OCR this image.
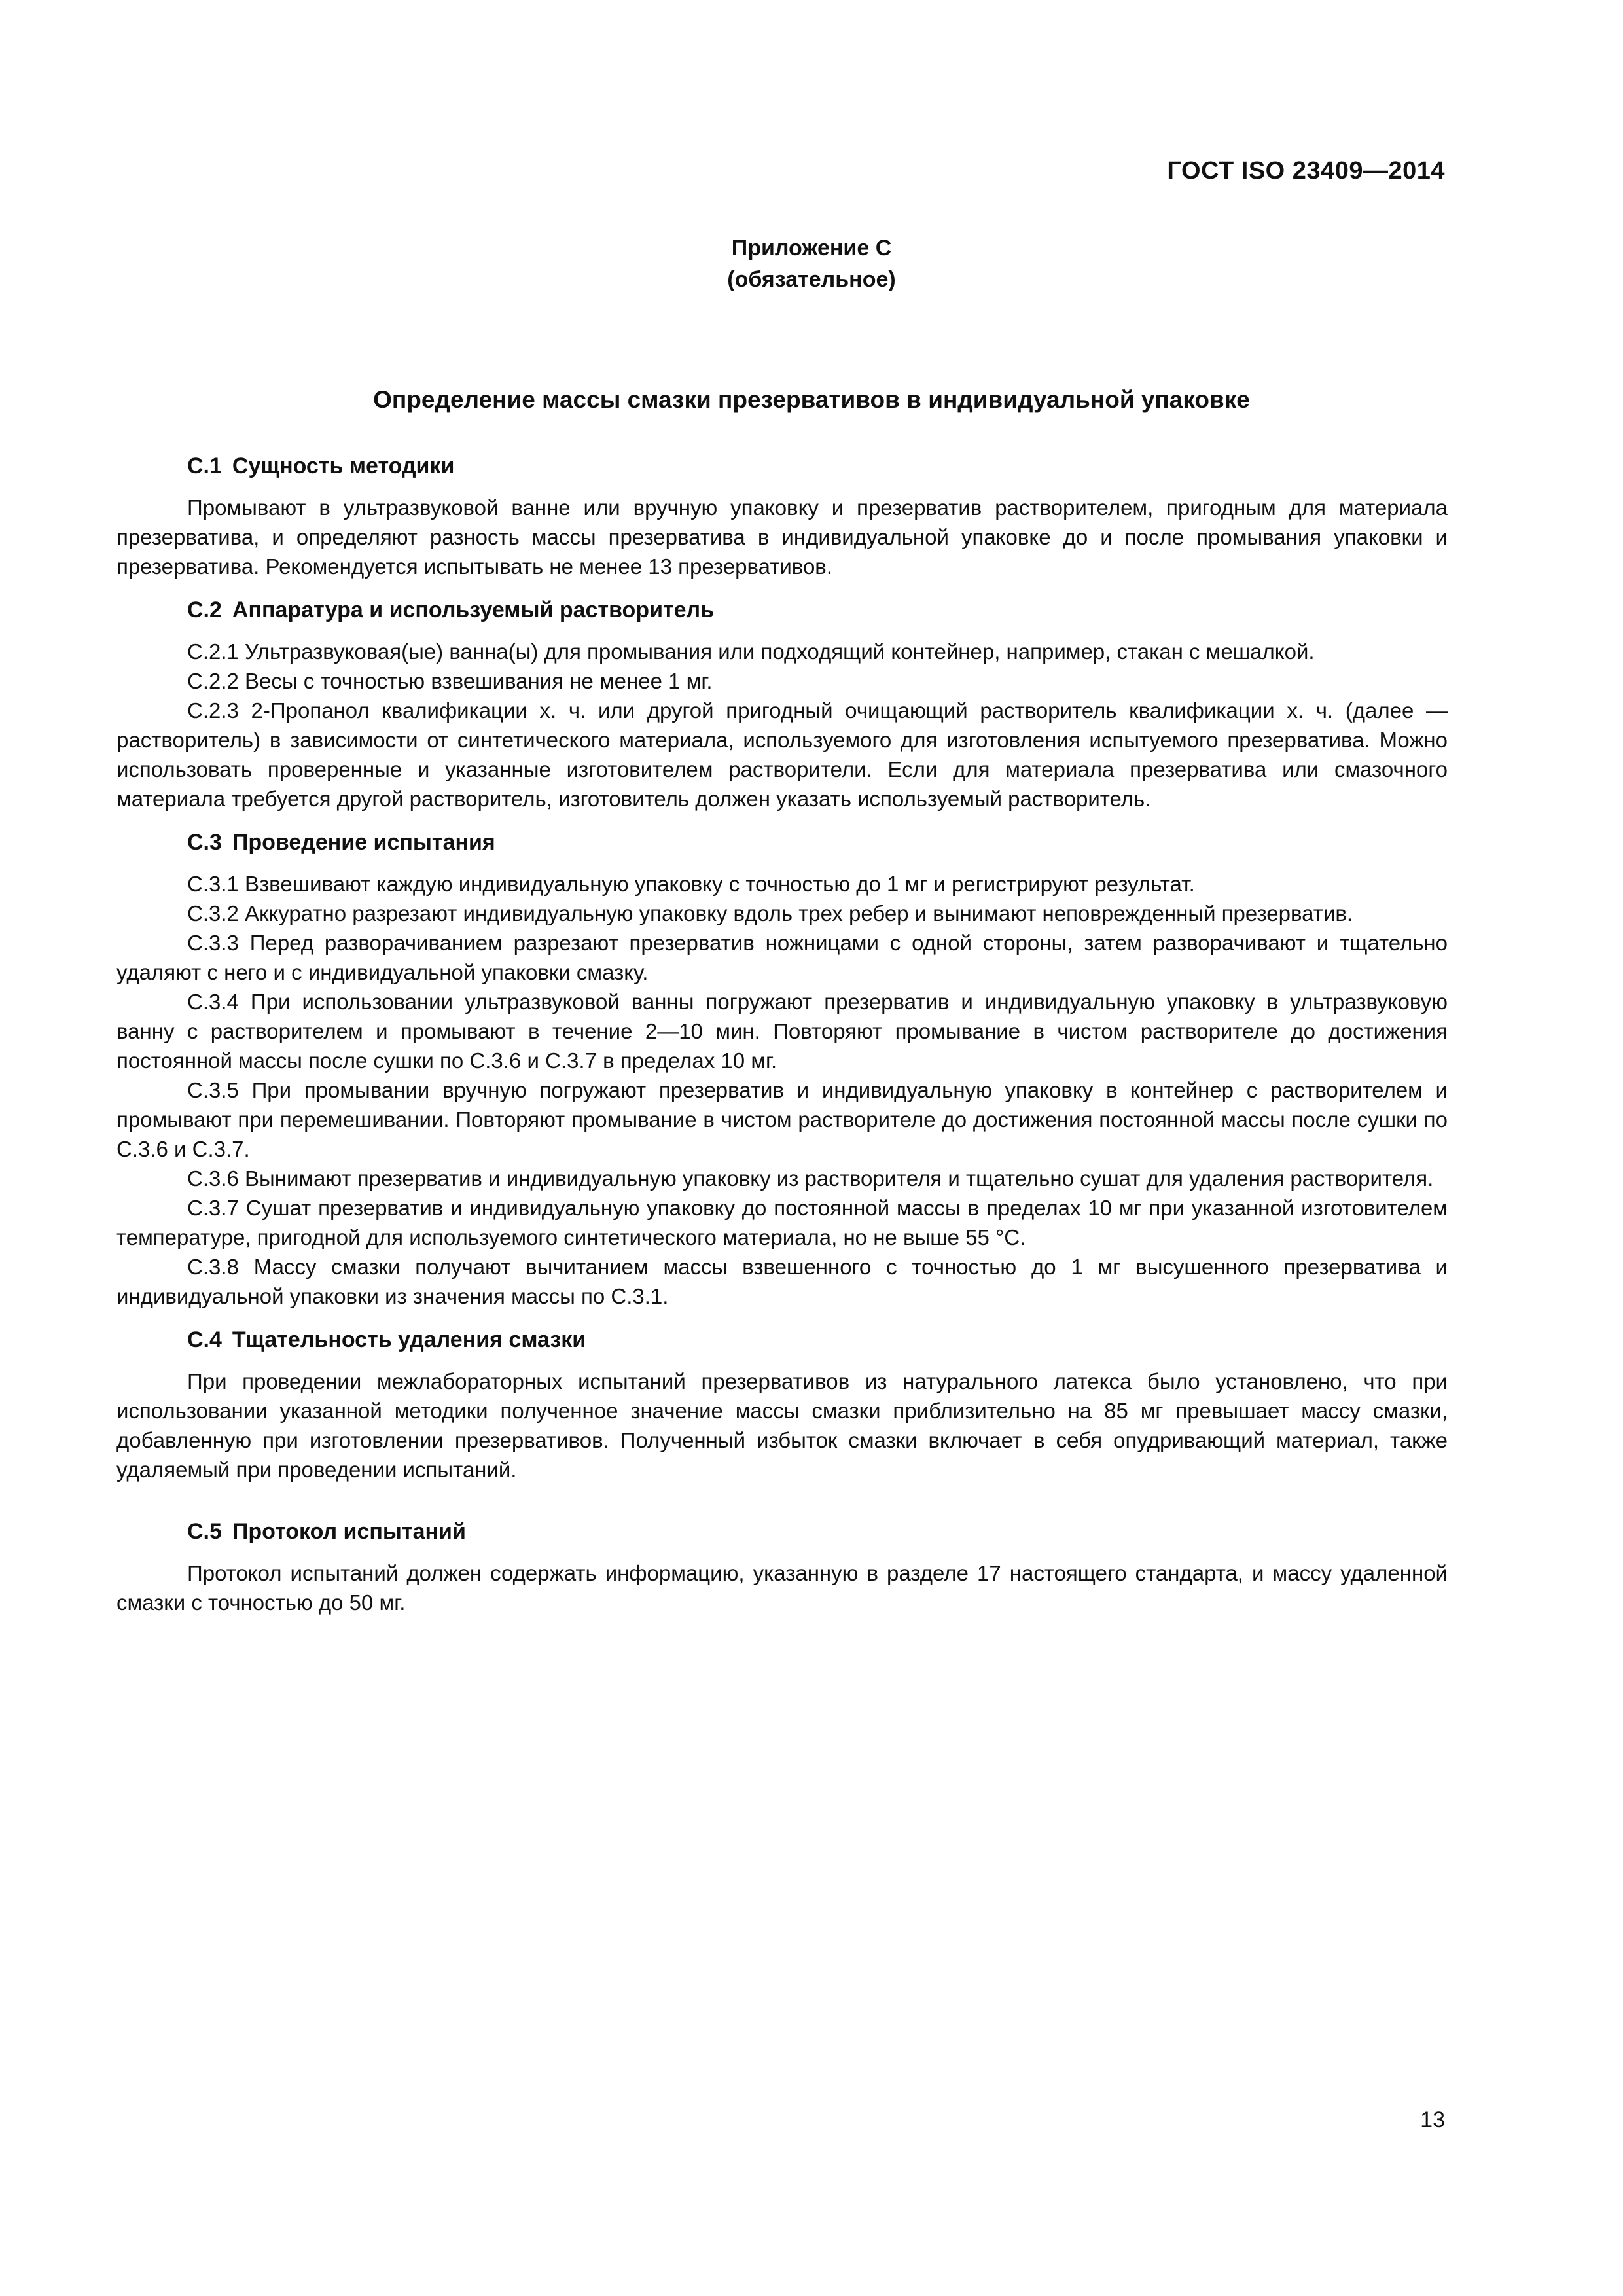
ГОСТ ISO 23409—2014
Приложение С
(обязательное)
Определение массы смазки презервативов в индивидуальной упаковке
С.1 Сущность методики

Промывают в ультразвуковой ванне или вручную упаковку и презерватив растворителем, пригодным для материала презерватива, и определяют разность массы презерватива в индивидуальной упаковке до и после промывания упаковки и презерватива. Рекомендуется испытывать не менее 13 презервативов.

С.2 Аппаратура и используемый растворитель

С.2.1 Ультразвуковая(ые) ванна(ы) для промывания или подходящий контейнер, например, стакан с мешалкой.

С.2.2 Весы с точностью взвешивания не менее 1 мг.

С.2.3 2-Пропанол квалификации х. ч. или другой пригодный очищающий растворитель квалификации х. ч. (далее — растворитель) в зависимости от синтетического материала, используемого для изготовления испытуемого презерватива. Можно использовать проверенные и указанные изготовителем растворители. Если для материала презерватива или смазочного материала требуется другой растворитель, изготовитель должен указать используемый растворитель.

С.3 Проведение испытания

С.3.1 Взвешивают каждую индивидуальную упаковку с точностью до 1 мг и регистрируют результат.

С.3.2 Аккуратно разрезают индивидуальную упаковку вдоль трех ребер и вынимают неповрежденный презерватив.

С.3.3 Перед разворачиванием разрезают презерватив ножницами с одной стороны, затем разворачивают и тщательно удаляют с него и с индивидуальной упаковки смазку.

С.3.4 При использовании ультразвуковой ванны погружают презерватив и индивидуальную упаковку в ультразвуковую ванну с растворителем и промывают в течение 2—10 мин. Повторяют промывание в чистом растворителе до достижения постоянной массы после сушки по С.3.6 и С.3.7 в пределах 10 мг.

С.3.5 При промывании вручную погружают презерватив и индивидуальную упаковку в контейнер с растворителем и промывают при перемешивании. Повторяют промывание в чистом растворителе до достижения постоянной массы после сушки по С.3.6 и С.3.7.

С.3.6 Вынимают презерватив и индивидуальную упаковку из растворителя и тщательно сушат для удаления растворителя.

С.3.7 Сушат презерватив и индивидуальную упаковку до постоянной массы в пределах 10 мг при указанной изготовителем температуре, пригодной для используемого синтетического материала, но не выше 55 °С.

С.3.8 Массу смазки получают вычитанием массы взвешенного с точностью до 1 мг высушенного презерватива и индивидуальной упаковки из значения массы по С.3.1.

С.4 Тщательность удаления смазки

При проведении межлабораторных испытаний презервативов из натурального латекса было установлено, что при использовании указанной методики полученное значение массы смазки приблизительно на 85 мг превышает массу смазки, добавленную при изготовлении презервативов. Полученный избыток смазки включает в себя опудривающий материал, также удаляемый при проведении испытаний.

С.5 Протокол испытаний

Протокол испытаний должен содержать информацию, указанную в разделе 17 настоящего стандарта, и массу удаленной смазки с точностью до 50 мг.

13
